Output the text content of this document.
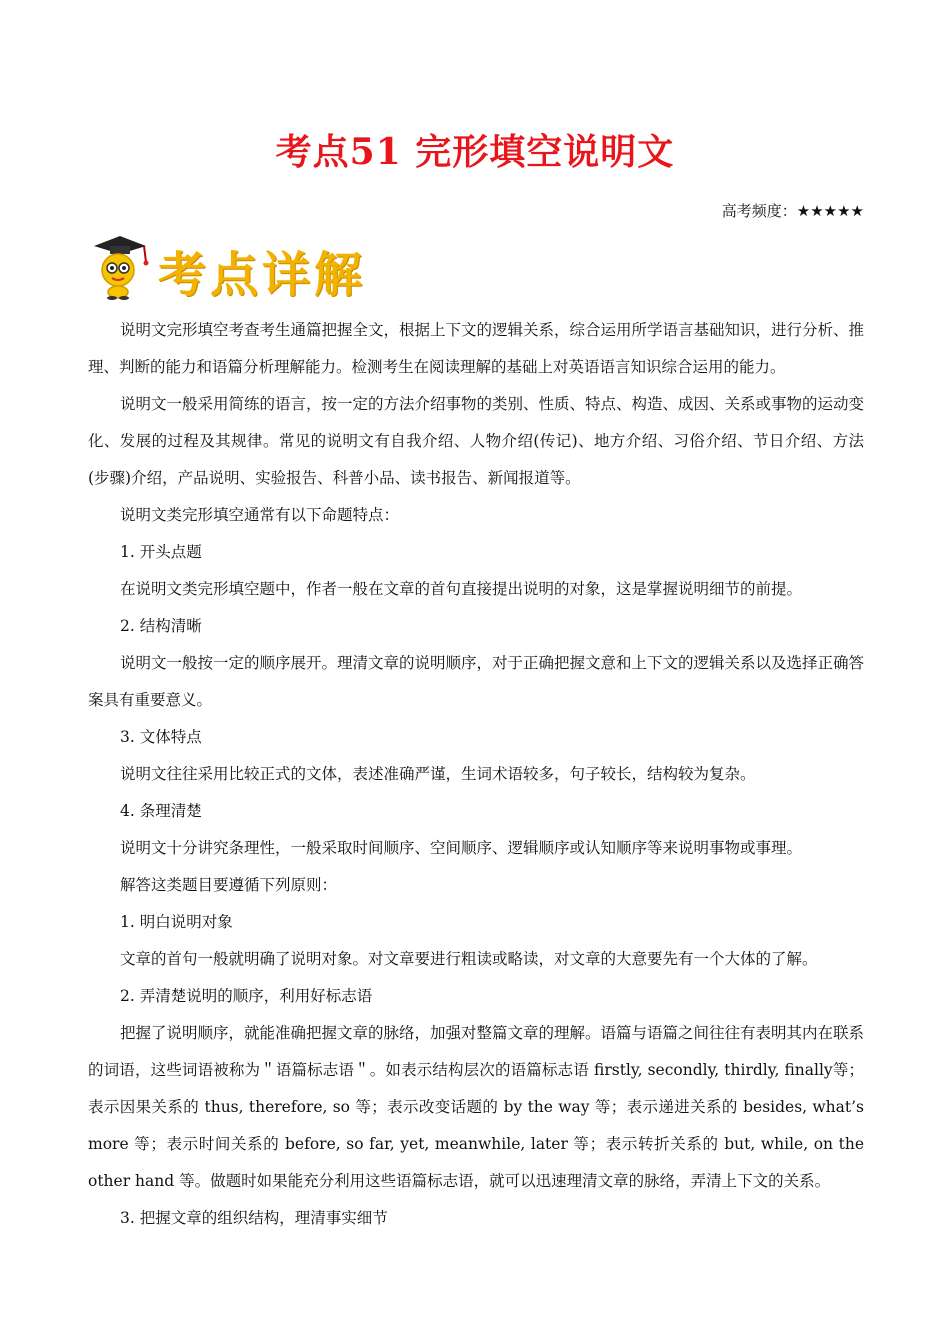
考点51 完形填空说明文
高考频度：★★★★★
考点详解

说明文完形填空考查考生通篇把握全文，根据上下文的逻辑关系，综合运用所学语言基础知识，进行分析、推理、判断的能力和语篇分析理解能力。检测考生在阅读理解的基础上对英语语言知识综合运用的能力。

说明文一般采用简练的语言，按一定的方法介绍事物的类别、性质、特点、构造、成因、关系或事物的运动变化、发展的过程及其规律。常见的说明文有自我介绍、人物介绍(传记)、地方介绍、习俗介绍、节日介绍、方法(步骤)介绍，产品说明、实验报告、科普小品、读书报告、新闻报道等。

说明文类完形填空通常有以下命题特点：

1. 开头点题

在说明文类完形填空题中，作者一般在文章的首句直接提出说明的对象，这是掌握说明细节的前提。

2. 结构清晰

说明文一般按一定的顺序展开。理清文章的说明顺序，对于正确把握文意和上下文的逻辑关系以及选择正确答案具有重要意义。

3. 文体特点

说明文往往采用比较正式的文体，表述准确严谨，生词术语较多，句子较长，结构较为复杂。

4. 条理清楚

说明文十分讲究条理性，一般采取时间顺序、空间顺序、逻辑顺序或认知顺序等来说明事物或事理。

解答这类题目要遵循下列原则：

1. 明白说明对象

文章的首句一般就明确了说明对象。对文章要进行粗读或略读，对文章的大意要先有一个大体的了解。

2. 弄清楚说明的顺序，利用好标志语

把握了说明顺序，就能准确把握文章的脉络，加强对整篇文章的理解。语篇与语篇之间往往有表明其内在联系的词语，这些词语被称为＂语篇标志语＂。如表示结构层次的语篇标志语 firstly, secondly, thirdly, finally等；表示因果关系的 thus, therefore, so 等；表示改变话题的 by the way 等；表示递进关系的 besides, what’s more 等；表示时间关系的 before, so far, yet, meanwhile, later 等；表示转折关系的 but, while, on the other hand 等。做题时如果能充分利用这些语篇标志语，就可以迅速理清文章的脉络，弄清上下文的关系。

3. 把握文章的组织结构，理清事实细节
